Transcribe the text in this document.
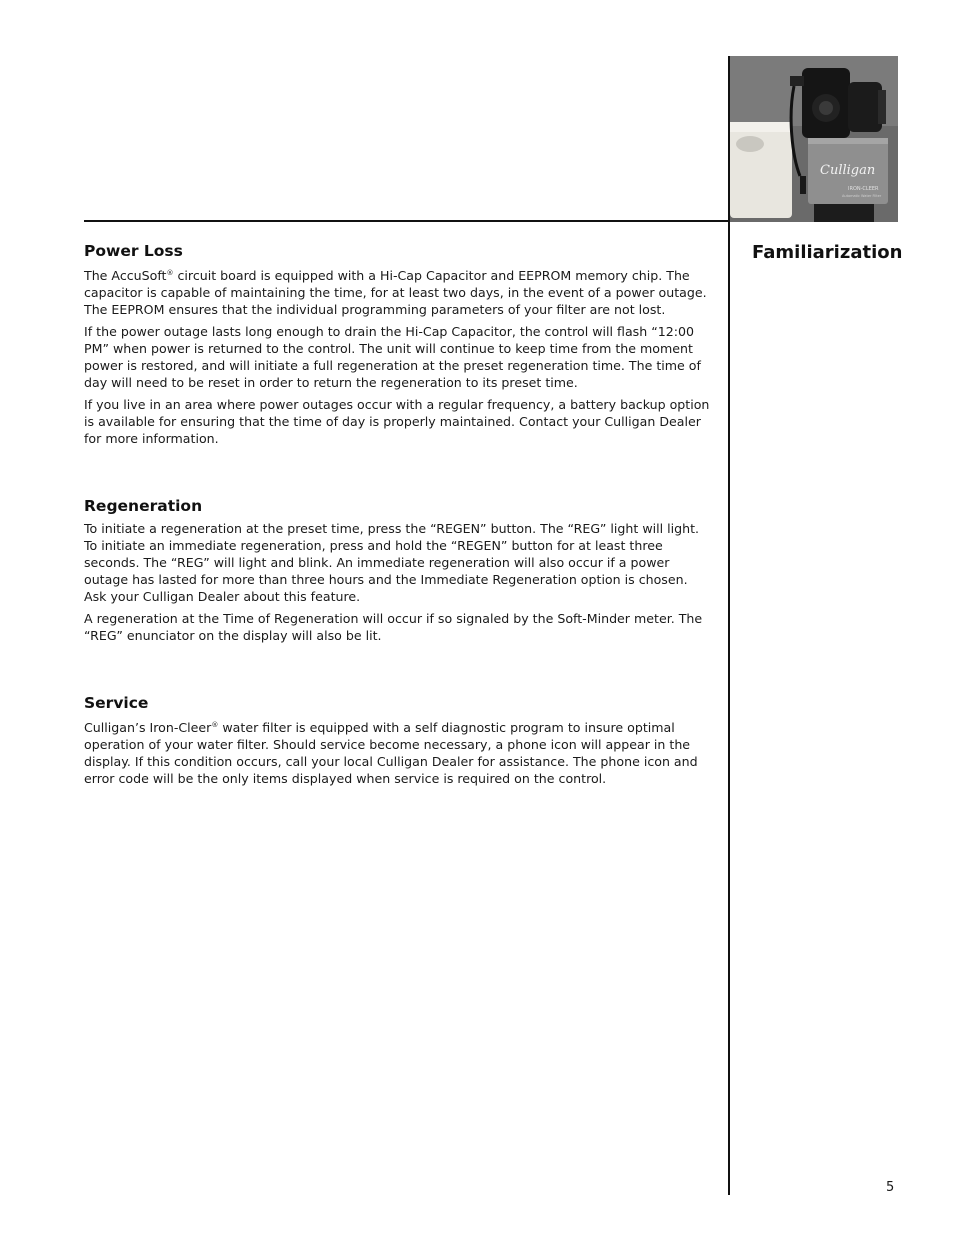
Culligan
IRON-CLEER
Automatic Water Filter
Familiarization
Power Loss

The AccuSoft® circuit board is equipped with a Hi-Cap Capacitor and EEPROM memory chip. The capacitor is capable of maintaining the time, for at least two days, in the event of a power outage. The EEPROM ensures that the individual programming parameters of your filter are not lost.

If the power outage lasts long enough to drain the Hi-Cap Capacitor, the control will flash “12:00 PM” when power is returned to the control. The unit will continue to keep time from the moment power is restored, and will initiate a full regeneration at the preset regeneration time. The time of day will need to be reset in order to return the regeneration to its preset time.

If you live in an area where power outages occur with a regular frequency, a battery backup option is available for ensuring that the time of day is properly maintained. Contact your Culligan Dealer for more information.

Regeneration

To initiate a regeneration at the preset time, press the “REGEN” button. The “REG” light will light. To initiate an immediate regeneration, press and hold the “REGEN” button for at least three seconds. The “REG” will light and blink. An immediate regeneration will also occur if a power outage has lasted for more than three hours and the Immediate Regeneration option is chosen. Ask your Culligan Dealer about this feature.

A regeneration at the Time of Regeneration will occur if so signaled by the Soft-Minder meter. The “REG” enunciator on the display will also be lit.

Service

Culligan’s Iron-Cleer® water filter is equipped with a self diagnostic program to insure optimal operation of your water filter. Should service become necessary, a phone icon will appear in the display. If this condition occurs, call your local Culligan Dealer for assistance. The phone icon and error code will be the only items displayed when service is required on the control.

5
